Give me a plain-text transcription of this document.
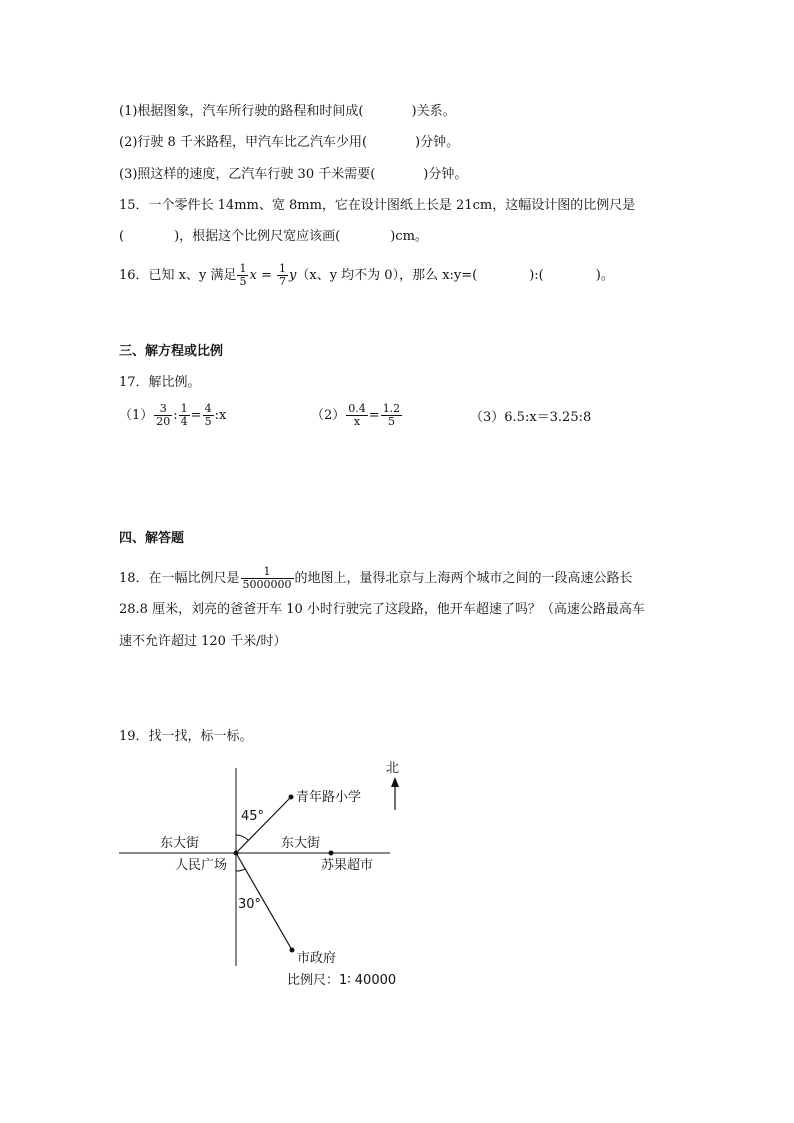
(1)根据图象，汽车所行驶的路程和时间成(	)关系。
(2)行驶 8 千米路程，甲汽车比乙汽车少用(	)分钟。
(3)照这样的速度，乙汽车行驶 30 千米需要(	)分钟。
15．一个零件长 14mm、宽 8mm，它在设计图纸上长是 21cm，这幅设计图的比例尺是
(	)，根据这个比例尺宽应该画(	)cm。
16．已知 x、y 满足 $\frac{1}{5}$ $x = \frac{1}{7} y(x$、y 均不为 0），那么 x:y=(	):(	)。
三、解方程或比例
17．解比例。
$(1) \frac{3}{20}$ : $\frac{1}{4} = \frac{4}{5}$ :x	$(2) \frac{0.4}{x} = \frac{1.2}{5}$	（3）6.5:x＝3.25:8
四、解答题
18．在一幅比例尺是 $\frac{1}{5000000}$ 的地图上，量得北京与上海两个城市之间的一段高速公路长
28.8 厘米，刘亮的爸爸开车 10 小时行驶完了这段路，他开车超速了吗？（高速公路最高车
速不允许超过 120 千米/时）
19．找一找，标一标。
北
45°
30°
青年路小学
东大街	东大街
人民广场	苏果超市
市政府
比例尺：1∶ 40000
